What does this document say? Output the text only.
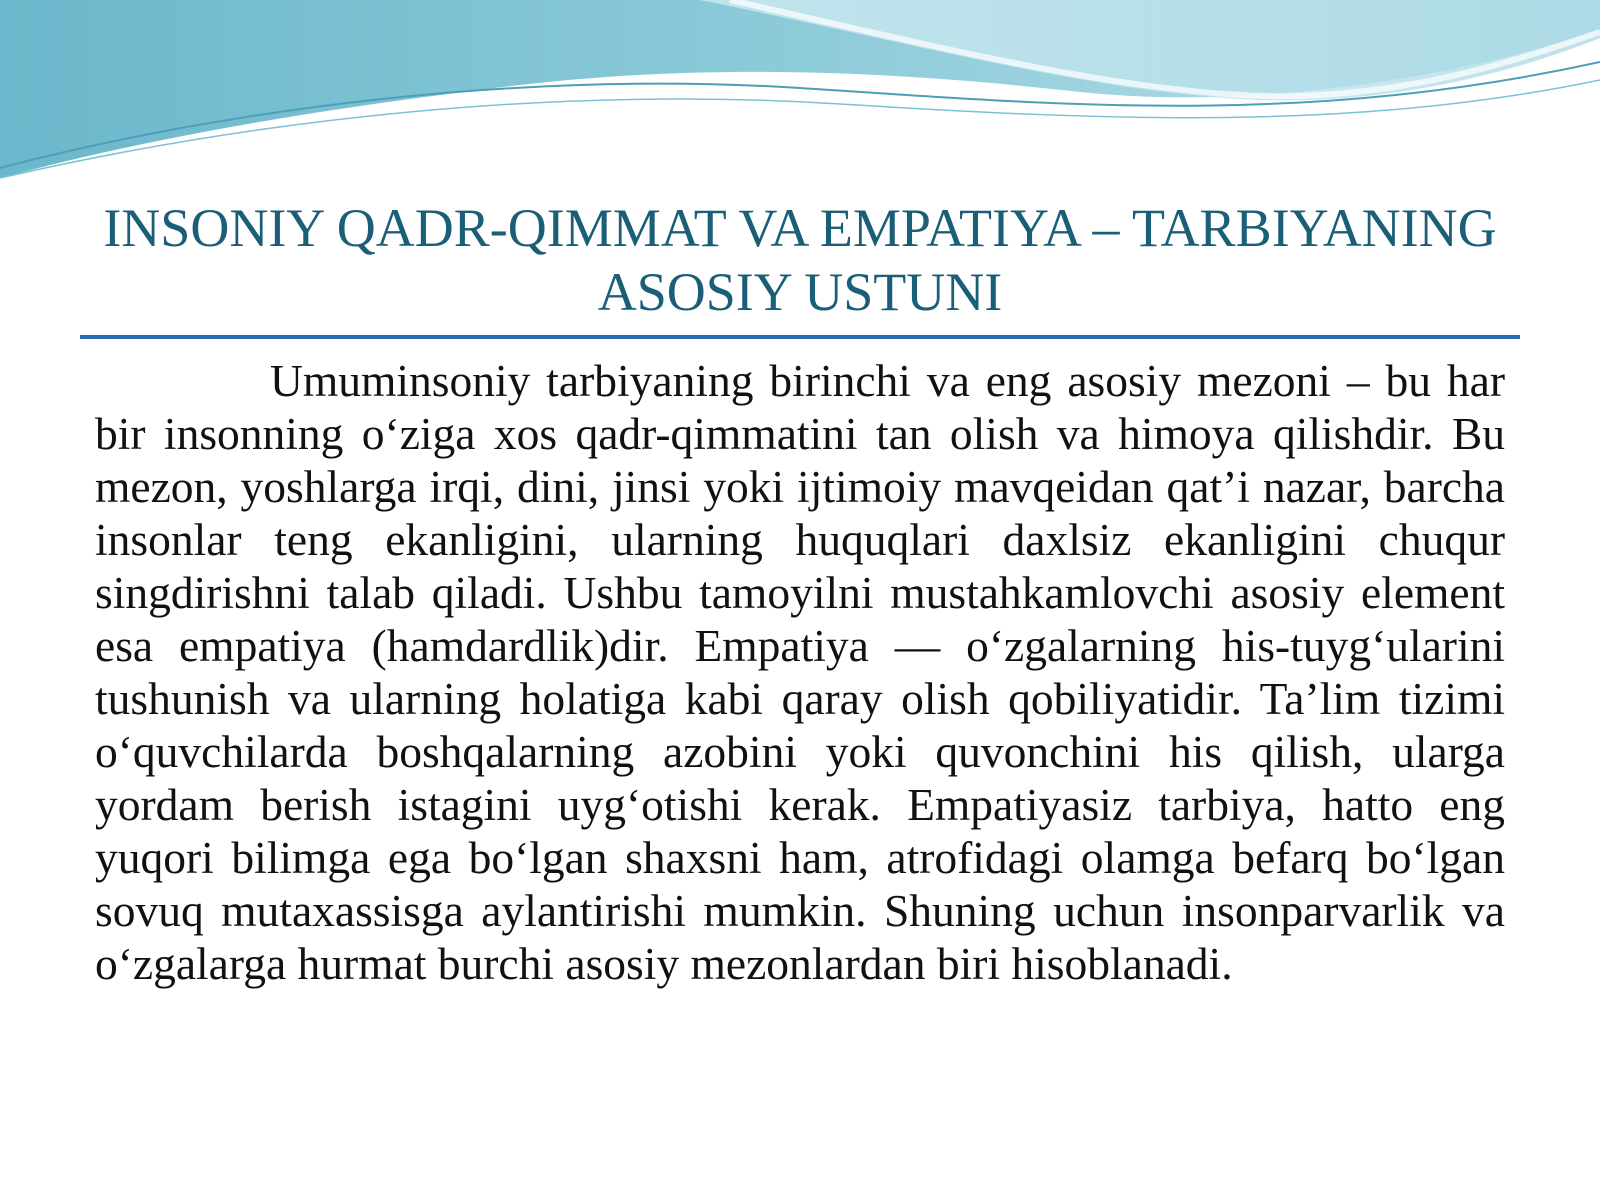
INSONIY QADR-QIMMAT VA EMPATIYA – TARBIYANING
ASOSIY USTUNI

Umuminsoniy tarbiyaning birinchi va eng asosiy mezoni – bu har bir insonning o‘ziga xos qadr-qimmatini tan olish va himoya qilishdir. Bu mezon, yoshlarga irqi, dini, jinsi yoki ijtimoiy mavqeidan qat’i nazar, barcha insonlar teng ekanligini, ularning huquqlari daxlsiz ekanligini chuqur singdirishni talab qiladi. Ushbu tamoyilni mustahkamlovchi asosiy element esa empatiya (hamdardlik)dir. Empatiya — o‘zgalarning his-tuyg‘ularini tushunish va ularning holatiga kabi qaray olish qobiliyatidir. Ta’lim tizimi o‘quvchilarda boshqalarning azobini yoki quvonchini his qilish, ularga yordam berish istagini uyg‘otishi kerak. Empatiyasiz tarbiya, hatto eng yuqori bilimga ega bo‘lgan shaxsni ham, atrofidagi olamga befarq bo‘lgan sovuq mutaxassisga aylantirishi mumkin. Shuning uchun insonparvarlik va o‘zgalarga hurmat burchi asosiy mezonlardan biri hisoblanadi.
